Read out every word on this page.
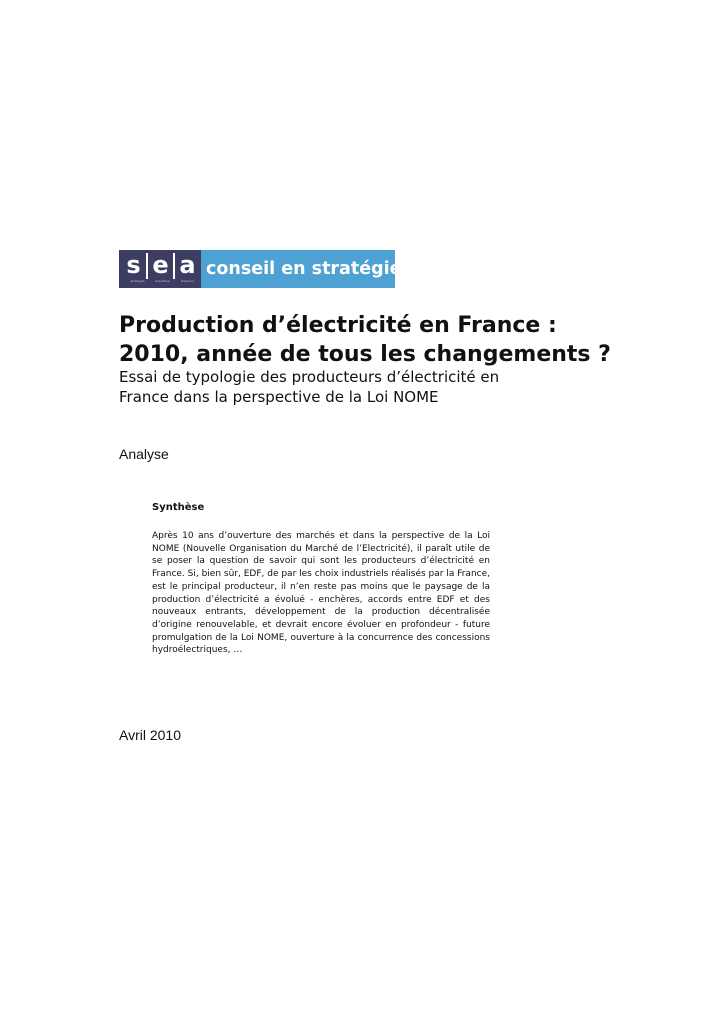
s e a
strategie	expertise	advisory
conseil en stratégie
Production d’électricité en France :
2010, année de tous les changements ?
Essai de typologie des producteurs d’électricité en
France dans la perspective de la Loi NOME
Analyse
Synthèse

Après 10 ans d’ouverture des marchés et dans la perspective de la Loi NOME (Nouvelle Organisation du Marché de l’Electricité), il paraît utile de se poser la question de savoir qui sont les producteurs d’électricité en France. Si, bien sûr, EDF, de par les choix industriels réalisés par la France, est le principal producteur, il n’en reste pas moins que le paysage de la production d’électricité a évolué - enchères, accords entre EDF et des nouveaux entrants, développement de la production décentralisée d’origine renouvelable, et devrait encore évoluer en profondeur - future promulgation de la Loi NOME, ouverture à la concurrence des concessions hydroélectriques, …

Avril 2010
